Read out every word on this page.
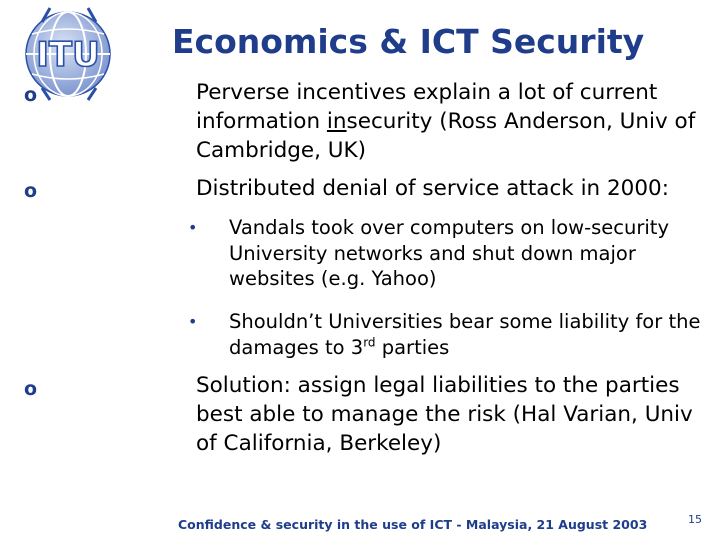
ITU Economics & ICT Security
o	Perverse incentives explain a lot of current information insecurity (Ross Anderson, Univ of Cambridge, UK)
o	Distributed denial of service attack in 2000:
• Vandals took over computers on low-security University networks and shut down major websites (e.g. Yahoo)
• Shouldn’t Universities bear some liability for the damages to 3rd parties
o	Solution: assign legal liabilities to the parties best able to manage the risk (Hal Varian, Univ of California, Berkeley)
Confidence & security in the use of ICT - Malaysia, 21 August 2003	15
